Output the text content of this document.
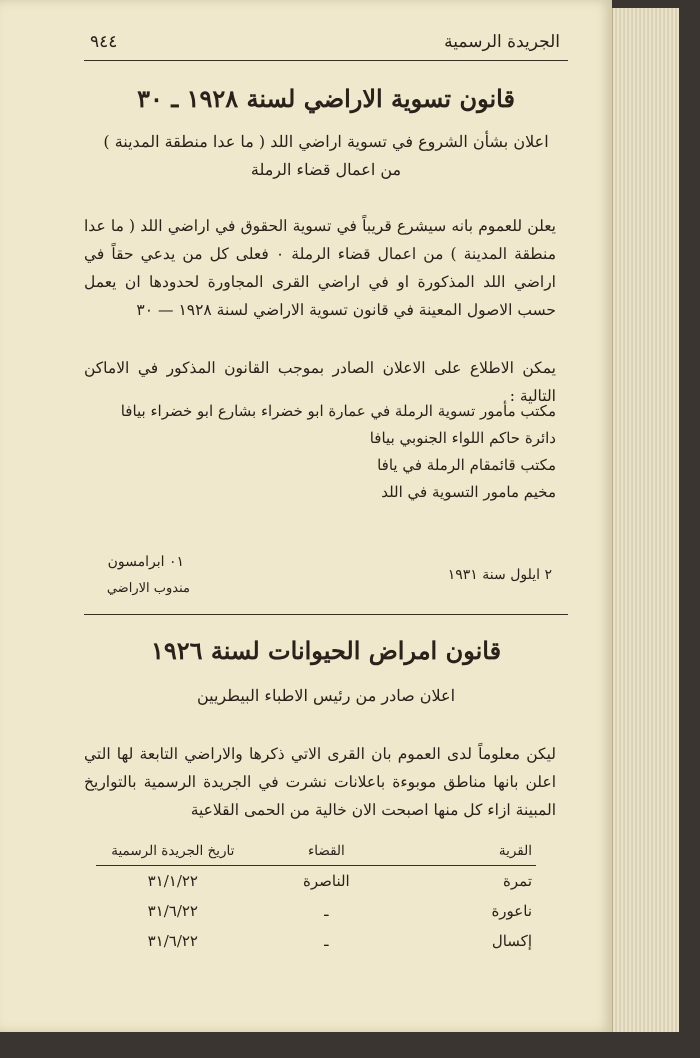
٩٤٤	الجريدة الرسمية
قانون تسوية الاراضي لسنة ١٩٢٨ ـ ٣٠
اعلان بشأن الشروع في تسوية اراضي اللد ( ما عدا منطقة المدينة )
من اعمال قضاء الرملة
يعلن للعموم بانه سيشرع قريباً في تسوية الحقوق في اراضي اللد ( ما عدا منطقة المدينة ) من اعمال قضاء الرملة ٠ فعلى كل من يدعي حقاً في اراضي اللد المذكورة او في اراضي القرى المجاورة لحدودها ان يعمل حسب الاصول المعينة في قانون تسوية الاراضي لسنة ١٩٢٨ — ٣٠
يمكن الاطلاع على الاعلان الصادر بموجب القانون المذكور في الاماكن التالية :
مكتب مأمور تسوية الرملة في عمارة ابو خضراء بشارع ابو خضراء بيافا
دائرة حاكم اللواء الجنوبي بيافا
مكتب قائمقام الرملة في يافا
مخيم مامور التسوية في اللد
٢ ايلول سنة ١٩٣١
٠١ ابرامسون
مندوب الاراضي
قانون امراض الحيوانات لسنة ١٩٢٦
اعلان صادر من رئيس الاطباء البيطريين
ليكن معلوماً لدى العموم بان القرى الاتي ذكرها والاراضي التابعة لها التي اعلن بانها مناطق موبوءة باعلانات نشرت في الجريدة الرسمية بالتواريخ المبينة ازاء كل منها اصبحت الان خالية من الحمى القلاعية
القرية	القضاء	تاريخ الجريدة الرسمية
تمرة	الناصرة	٣١/١/٢٢
ناعورة	ـ	٣١/٦/٢٢
إكسال	ـ	٣١/٦/٢٢
